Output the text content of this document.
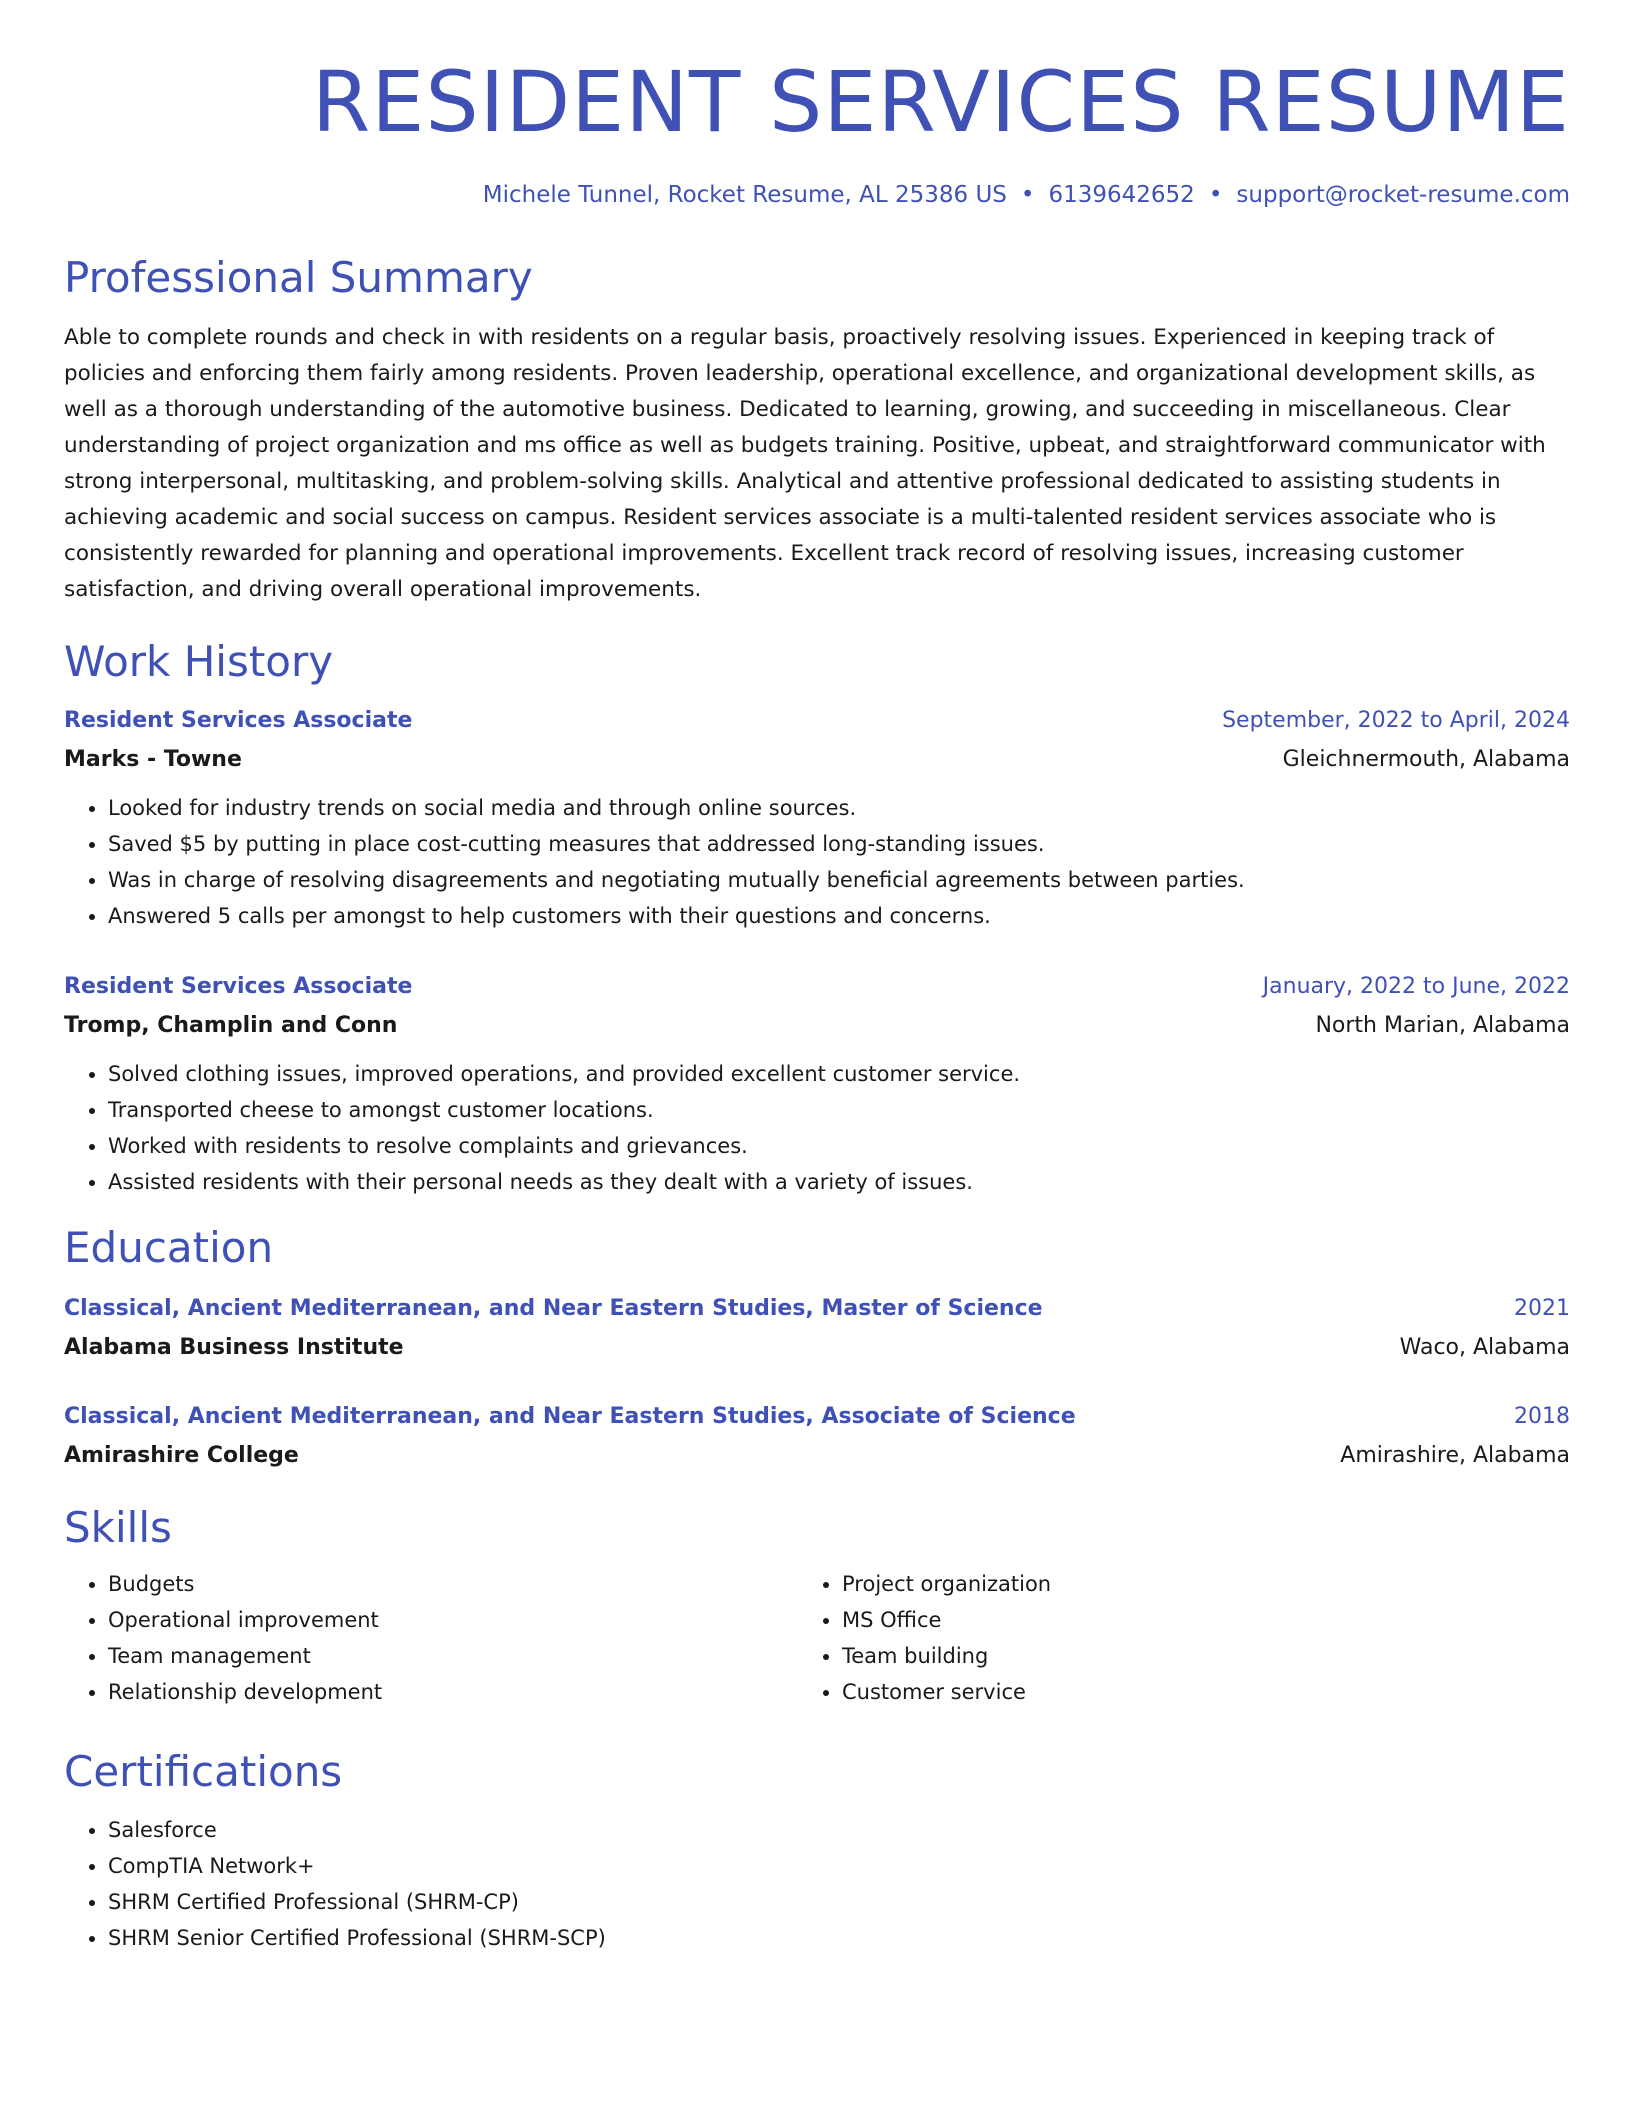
RESIDENT SERVICES RESUME
Michele Tunnel, Rocket Resume, AL 25386 US • 6139642652 • support@rocket-resume.com
Professional Summary

Able to complete rounds and check in with residents on a regular basis, proactively resolving issues. Experienced in keeping track of policies and enforcing them fairly among residents. Proven leadership, operational excellence, and organizational development skills, as well as a thorough understanding of the automotive business. Dedicated to learning, growing, and succeeding in miscellaneous. Clear understanding of project organization and ms office as well as budgets training. Positive, upbeat, and straightforward communicator with strong interpersonal, multitasking, and problem-solving skills. Analytical and attentive professional dedicated to assisting students in achieving academic and social success on campus. Resident services associate is a multi-talented resident services associate who is consistently rewarded for planning and operational improvements. Excellent track record of resolving issues, increasing customer satisfaction, and driving overall operational improvements.

Work History
Resident Services Associate	September, 2022 to April, 2024
Marks - Towne	Gleichnermouth, Alabama
• Looked for industry trends on social media and through online sources.
• Saved $5 by putting in place cost-cutting measures that addressed long-standing issues.
• Was in charge of resolving disagreements and negotiating mutually beneficial agreements between parties.
• Answered 5 calls per amongst to help customers with their questions and concerns.
Resident Services Associate	January, 2022 to June, 2022
Tromp, Champlin and Conn	North Marian, Alabama
• Solved clothing issues, improved operations, and provided excellent customer service.
• Transported cheese to amongst customer locations.
• Worked with residents to resolve complaints and grievances.
• Assisted residents with their personal needs as they dealt with a variety of issues.
Education
Classical, Ancient Mediterranean, and Near Eastern Studies, Master of Science	2021
Alabama Business Institute	Waco, Alabama
Classical, Ancient Mediterranean, and Near Eastern Studies, Associate of Science	2018
Amirashire College	Amirashire, Alabama
Skills
• Budgets
• Operational improvement
• Team management
• Relationship development
• Project organization
• MS Office
• Team building
• Customer service
Certifications
• Salesforce
• CompTIA Network+
• SHRM Certified Professional (SHRM-CP)
• SHRM Senior Certified Professional (SHRM-SCP)
